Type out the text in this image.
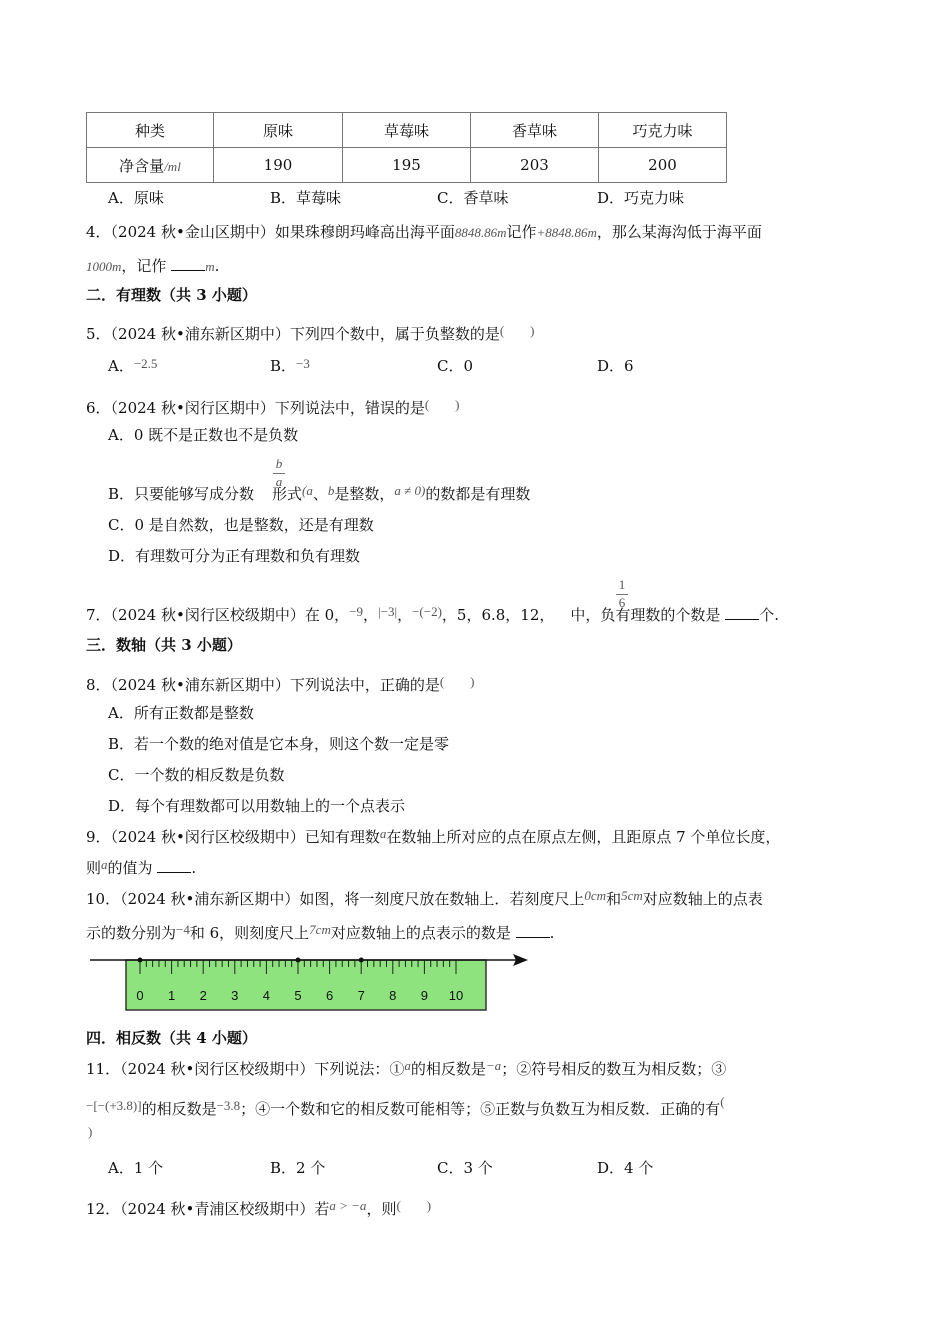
种类	原味	草莓味	香草味	巧克力味
净含量/ml	190	195	203	200
A．原味	B．草莓味	C．香草味	D．巧克力味
4．（2024 秋•金山区期中）如果珠穆朗玛峰高出海平面8848.86m记作+8848.86m，那么某海沟低于海平面
1000m，记作	m.
二．有理数（共 3 小题）
5．（2024 秋•浦东新区期中）下列四个数中，属于负整数的是(　　)
A．−2.5	B．−3	C．0	D．6
6．（2024 秋•闵行区期中）下列说法中，错误的是(　　)
A．0 既不是正数也不是负数
b
a
B．只要能够写成分数 形式(a、b是整数，a ≠ 0)的数都是有理数
C．0 是自然数，也是整数，还是有理数
D．有理数可分为正有理数和负有理数
1
6
7．（2024 秋•闵行区校级期中）在 0，−9，|−3|，−(−2)，5，6.8，12， 中，负有理数的个数是	个.
三．数轴（共 3 小题）
8．（2024 秋•浦东新区期中）下列说法中，正确的是(　　)
A．所有正数都是整数
B．若一个数的绝对值是它本身，则这个数一定是零
C．一个数的相反数是负数
D．每个有理数都可以用数轴上的一个点表示
9．（2024 秋•闵行区校级期中）已知有理数a在数轴上所对应的点在原点左侧，且距原点 7 个单位长度，
则a的值为	.
10．（2024 秋•浦东新区期中）如图，将一刻度尺放在数轴上．若刻度尺上0cm和5cm对应数轴上的点表
示的数分别为−4和 6，则刻度尺上7cm对应数轴上的点表示的数是	.
0 1 2 3 4 5 6 7 8 9 10
四．相反数（共 4 小题）
11．（2024 秋•闵行区校级期中）下列说法：①a的相反数是−a；②符号相反的数互为相反数；③
−[−(+3.8)]的相反数是−3.8；④一个数和它的相反数可能相等；⑤正数与负数互为相反数．正确的有(
)
A．1 个	B．2 个	C．3 个	D．4 个
12．（2024 秋•青浦区校级期中）若a > −a，则(　　)
